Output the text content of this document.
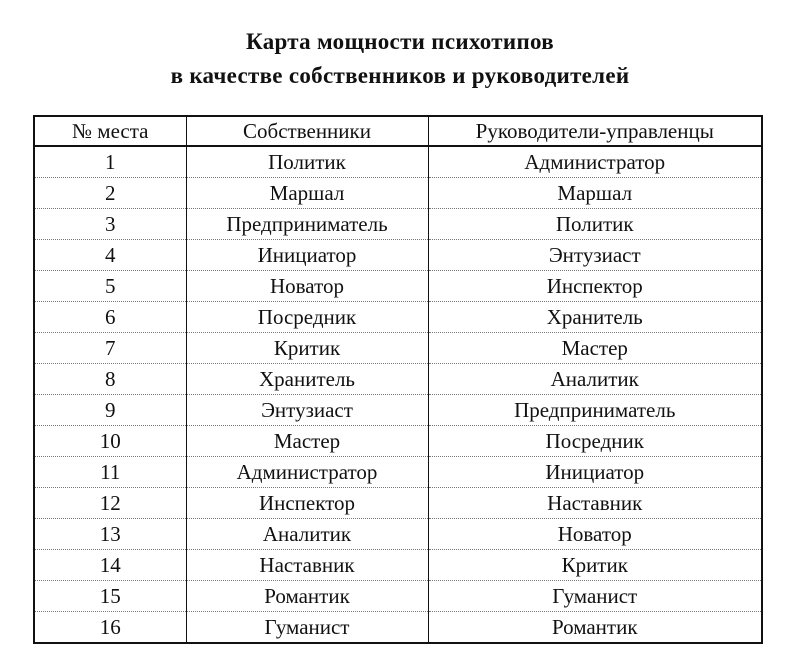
Карта мощности психотипов
в качестве собственников и руководителей
№ места	Собственники	Руководители-управленцы
1	Политик	Администратор
2	Маршал	Маршал
3	Предприниматель	Политик
4	Инициатор	Энтузиаст
5	Новатор	Инспектор
6	Посредник	Хранитель
7	Критик	Мастер
8	Хранитель	Аналитик
9	Энтузиаст	Предприниматель
10	Мастер	Посредник
11	Администратор	Инициатор
12	Инспектор	Наставник
13	Аналитик	Новатор
14	Наставник	Критик
15	Романтик	Гуманист
16	Гуманист	Романтик
